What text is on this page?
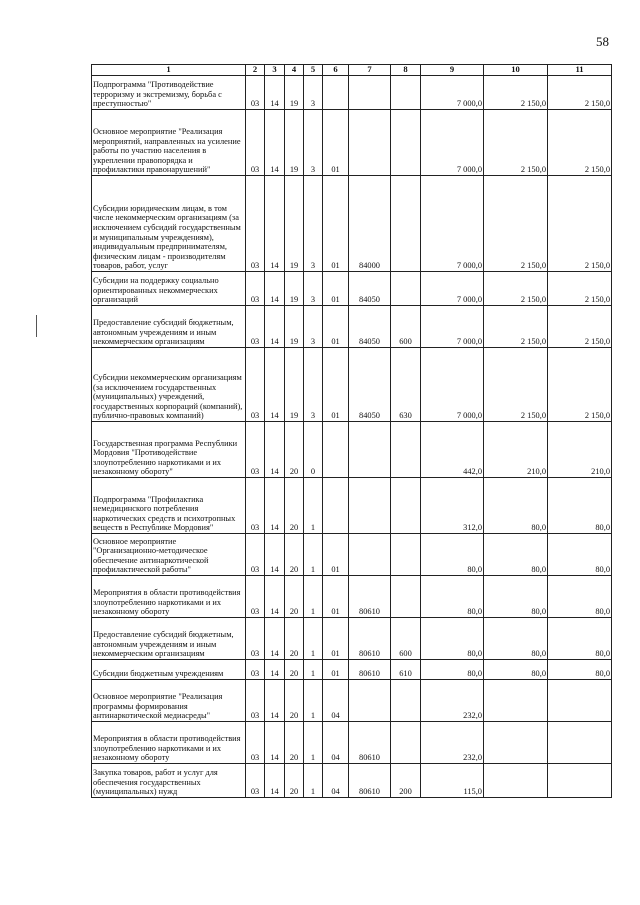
58
1	2	3	4	5	6	7	8	9	10	11
Подпрограмма "Противодействие терроризму и экстремизму, борьба с преступностью"	03	14	19	3				7 000,0	2 150,0	2 150,0
Основное мероприятие "Реализация мероприятий, направленных на усиление работы по участию населения в укреплении правопорядка и профилактики правонарушений"	03	14	19	3	01			7 000,0	2 150,0	2 150,0
Субсидии юридическим лицам, в том числе некоммерческим организациям (за исключением субсидий государственным и муниципальным учреждениям), индивидуальным предпринимателям, физическим лицам - производителям товаров, работ, услуг	03	14	19	3	01	84000		7 000,0	2 150,0	2 150,0
Субсидии на поддержку социально ориентированных некоммерческих организаций	03	14	19	3	01	84050		7 000,0	2 150,0	2 150,0
Предоставление субсидий бюджетным, автономным учреждениям и иным некоммерческим организациям	03	14	19	3	01	84050	600	7 000,0	2 150,0	2 150,0
Субсидии некоммерческим организациям (за исключением государственных (муниципальных) учреждений, государственных корпораций (компаний), публично-правовых компаний)	03	14	19	3	01	84050	630	7 000,0	2 150,0	2 150,0
Государственная программа Республики Мордовия "Противодействие злоупотреблению наркотиками и их незаконному обороту"	03	14	20	0				442,0	210,0	210,0
Подпрограмма "Профилактика немедицинского потребления наркотических средств и психотропных веществ в Республике Мордовия"	03	14	20	1				312,0	80,0	80,0
Основное мероприятие "Организационно-методическое обеспечение антинаркотической профилактической работы"	03	14	20	1	01			80,0	80,0	80,0
Мероприятия в области противодействия злоупотреблению наркотиками и их незаконному обороту	03	14	20	1	01	80610		80,0	80,0	80,0
Предоставление субсидий бюджетным, автономным учреждениям и иным некоммерческим организациям	03	14	20	1	01	80610	600	80,0	80,0	80,0
Субсидии бюджетным учреждениям	03	14	20	1	01	80610	610	80,0	80,0	80,0
Основное мероприятие "Реализация программы формирования антинаркотической медиасреды"	03	14	20	1	04			232,0		
Мероприятия в области противодействия злоупотреблению наркотиками и их незаконному обороту	03	14	20	1	04	80610		232,0		
Закупка товаров, работ и услуг для обеспечения государственных (муниципальных) нужд	03	14	20	1	04	80610	200	115,0		
